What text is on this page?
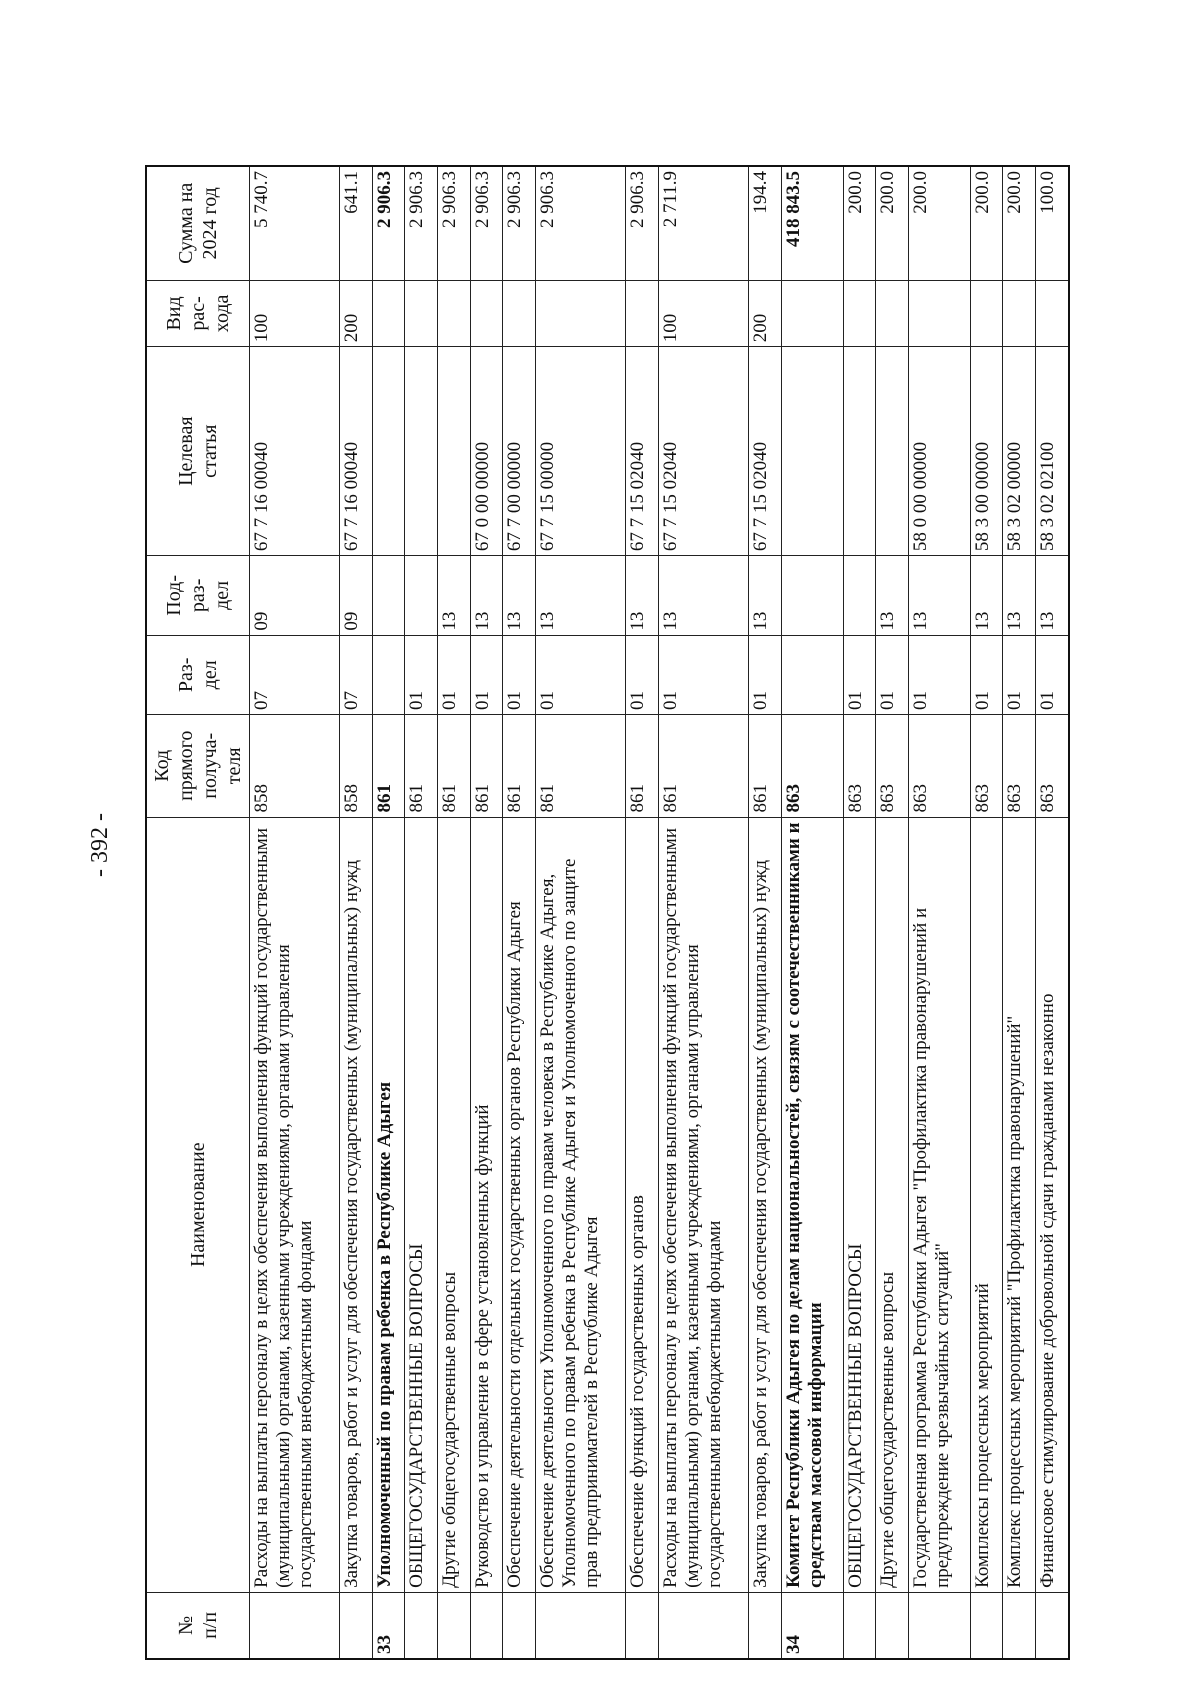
- 392 -
№
п/п	Наименование	Код
прямого
получа-
теля	Раз-
дел	Под-
раз-
дел	Целевая
статья	Вид
рас-
хода	Сумма на
2024 год
	Расходы на выплаты персоналу в целях обеспечения выполнения функций государственными (муниципальными) органами, казенными учреждениями, органами управления государственными внебюджетными фондами	858	07	09	67 7 16 00040	100	5 740.7
	Закупка товаров, работ и услуг для обеспечения государственных (муниципальных) нужд	858	07	09	67 7 16 00040	200	641.1
33	Уполномоченный по правам ребенка в Республике Адыгея	861					2 906.3
	ОБЩЕГОСУДАРСТВЕННЫЕ ВОПРОСЫ	861	01				2 906.3
	Другие общегосударственные вопросы	861	01	13			2 906.3
	Руководство и управление в сфере установленных функций	861	01	13	67 0 00 00000		2 906.3
	Обеспечение деятельности отдельных государственных органов Республики Адыгея	861	01	13	67 7 00 00000		2 906.3
	Обеспечение деятельности Уполномоченного по правам человека в Республике Адыгея, Уполномоченного по правам ребенка в Республике Адыгея и Уполномоченного по защите прав предпринимателей в Республике Адыгея	861	01	13	67 7 15 00000		2 906.3
	Обеспечение функций государственных органов	861	01	13	67 7 15 02040		2 906.3
	Расходы на выплаты персоналу в целях обеспечения выполнения функций государственными (муниципальными) органами, казенными учреждениями, органами управления государственными внебюджетными фондами	861	01	13	67 7 15 02040	100	2 711.9
	Закупка товаров, работ и услуг для обеспечения государственных (муниципальных) нужд	861	01	13	67 7 15 02040	200	194.4
34	Комитет Республики Адыгея по делам национальностей, связям с соотечественниками и средствам массовой информации	863					418 843.5
	ОБЩЕГОСУДАРСТВЕННЫЕ ВОПРОСЫ	863	01				200.0
	Другие общегосударственные вопросы	863	01	13			200.0
	Государственная программа Республики Адыгея "Профилактика правонарушений и предупреждение чрезвычайных ситуаций"	863	01	13	58 0 00 00000		200.0
	Комплексы процессных мероприятий	863	01	13	58 3 00 00000		200.0
	Комплекс процессных мероприятий "Профилактика правонарушений"	863	01	13	58 3 02 00000		200.0
	Финансовое стимулирование добровольной сдачи гражданами незаконно	863	01	13	58 3 02 02100		100.0
